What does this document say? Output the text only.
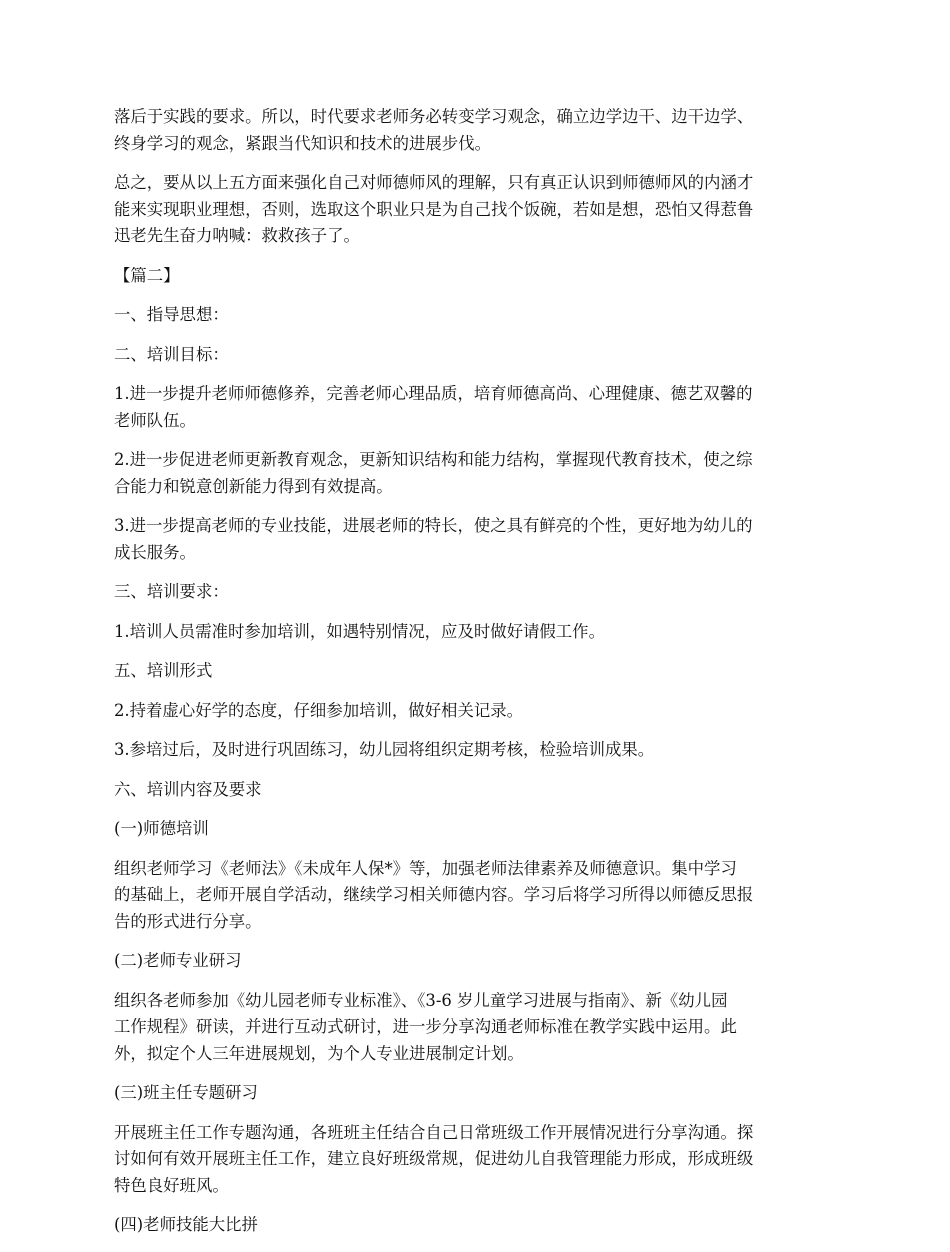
落后于实践的要求。所以，时代要求老师务必转变学习观念，确立边学边干、边干边学、
终身学习的观念，紧跟当代知识和技术的进展步伐。

总之，要从以上五方面来强化自己对师德师风的理解，只有真正认识到师德师风的内涵才
能来实现职业理想，否则，选取这个职业只是为自己找个饭碗，若如是想，恐怕又得惹鲁
迅老先生奋力呐喊：救救孩子了。

【篇二】

一、指导思想：

二、培训目标：

1.进一步提升老师师德修养，完善老师心理品质，培育师德高尚、心理健康、德艺双馨的
老师队伍。

2.进一步促进老师更新教育观念，更新知识结构和能力结构，掌握现代教育技术，使之综
合能力和锐意创新能力得到有效提高。

3.进一步提高老师的专业技能，进展老师的特长，使之具有鲜亮的个性，更好地为幼儿的
成长服务。

三、培训要求：

1.培训人员需准时参加培训，如遇特别情况，应及时做好请假工作。

五、培训形式

2.持着虚心好学的态度，仔细参加培训，做好相关记录。

3.参培过后，及时进行巩固练习，幼儿园将组织定期考核，检验培训成果。

六、培训内容及要求

(一)师德培训

组织老师学习《老师法》《未成年人保*》等，加强老师法律素养及师德意识。集中学习
的基础上，老师开展自学活动，继续学习相关师德内容。学习后将学习所得以师德反思报
告的形式进行分享。

(二)老师专业研习

组织各老师参加《幼儿园老师专业标准》、《3-6 岁儿童学习进展与指南》、新《幼儿园
工作规程》研读，并进行互动式研讨，进一步分享沟通老师标准在教学实践中运用。此
外，拟定个人三年进展规划，为个人专业进展制定计划。

(三)班主任专题研习

开展班主任工作专题沟通，各班班主任结合自己日常班级工作开展情况进行分享沟通。探
讨如何有效开展班主任工作，建立良好班级常规，促进幼儿自我管理能力形成，形成班级
特色良好班风。

(四)老师技能大比拼
